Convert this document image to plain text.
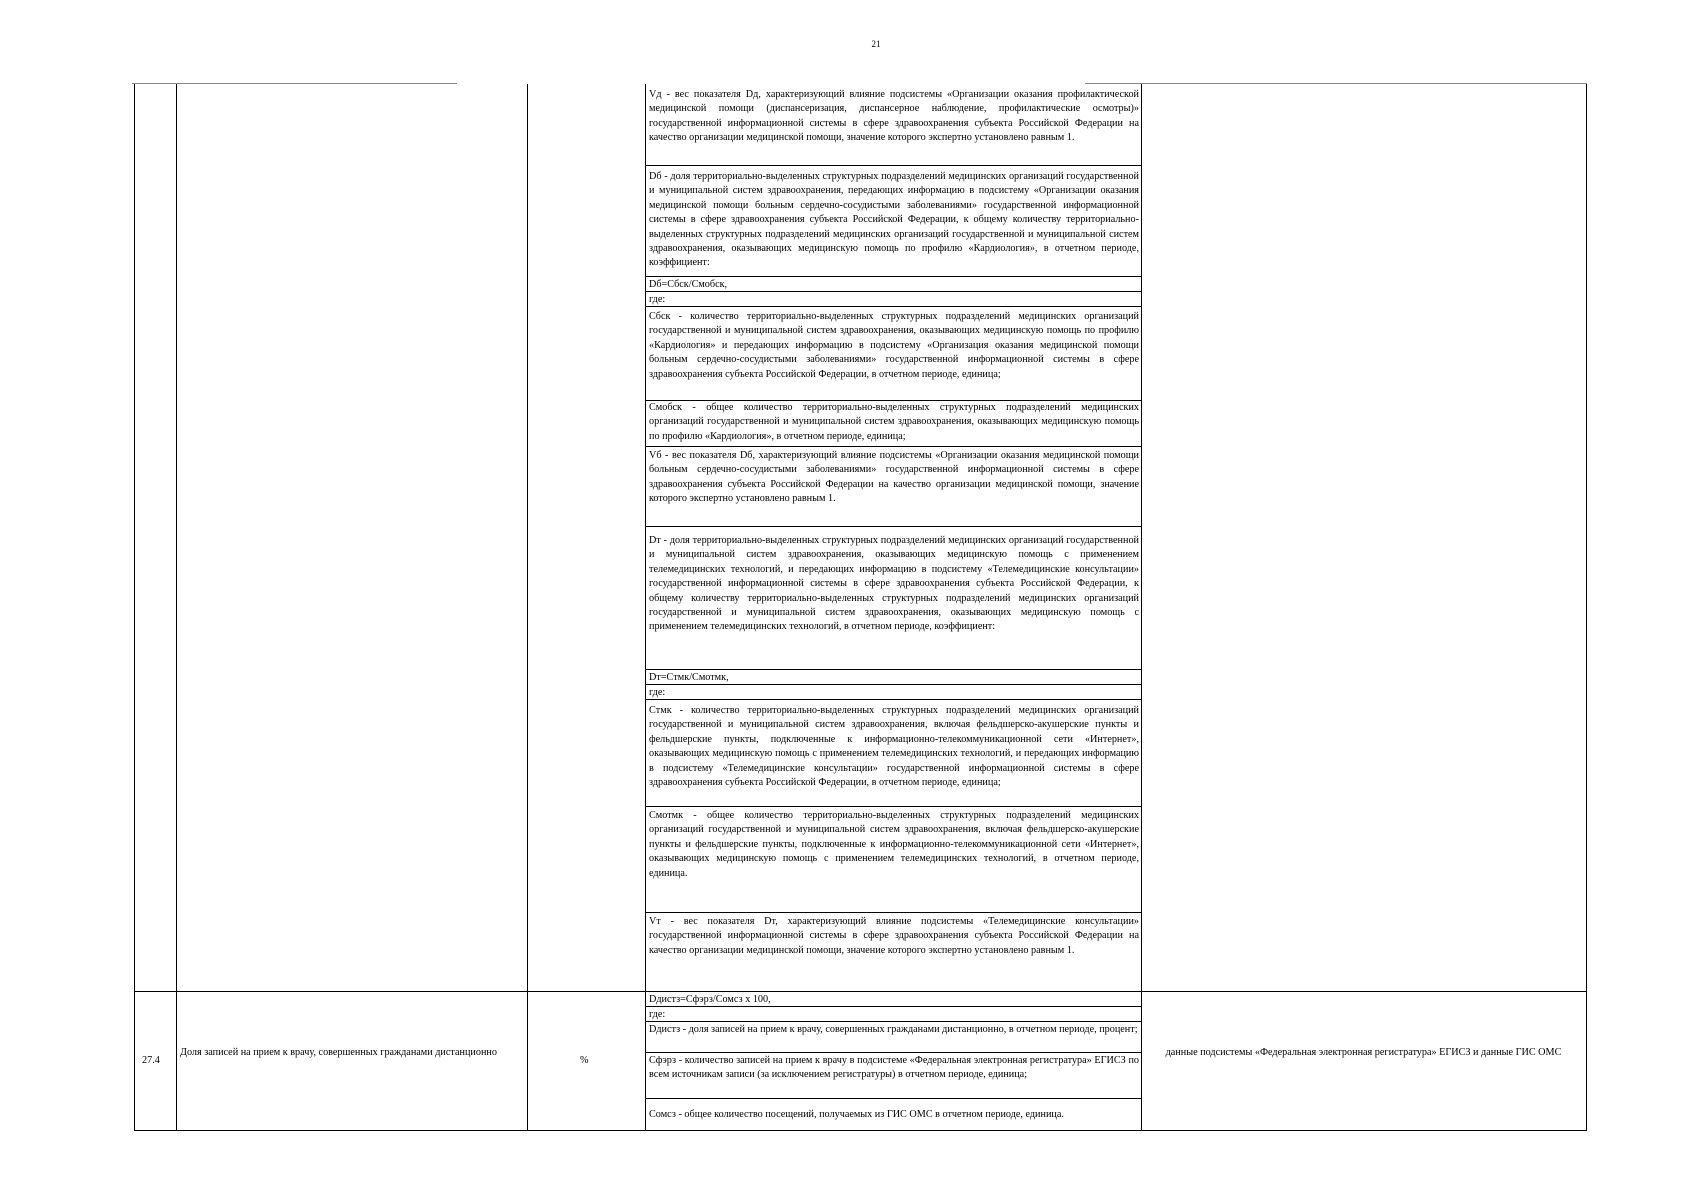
21

Vд - вес показателя Dд, характеризующий влияние подсистемы «Организации оказания профилактической медицинской помощи (диспансеризация, диспансерное наблюдение, профилактические осмотры)» государственной информационной системы в сфере здравоохранения субъекта Российской Федерации на качество организации медицинской помощи, значение которого экспертно установлено равным 1.

Dб - доля территориально-выделенных структурных подразделений медицинских организаций государственной и муниципальной систем здравоохранения, передающих информацию в подсистему «Организации оказания медицинской помощи больным сердечно-сосудистыми заболеваниями» государственной информационной системы в сфере здравоохранения субъекта Российской Федерации, к общему количеству территориально-выделенных структурных подразделений медицинских организаций государственной и муниципальной систем здравоохранения, оказывающих медицинскую помощь по профилю «Кардиология», в отчетном периоде, коэффициент:

Dб=Cбск/Cмобск,
где:

Cбск - количество территориально-выделенных структурных подразделений медицинских организаций государственной и муниципальной систем здравоохранения, оказывающих медицинскую помощь по профилю «Кардиология» и передающих информацию в подсистему «Организация оказания медицинской помощи больным сердечно-сосудистыми заболеваниями» государственной информационной системы в сфере здравоохранения субъекта Российской Федерации, в отчетном периоде, единица;

Cмобск - общее количество территориально-выделенных структурных подразделений медицинских организаций государственной и муниципальной систем здравоохранения, оказывающих медицинскую помощь по профилю «Кардиология», в отчетном периоде, единица;

Vб - вес показателя Dб, характеризующий влияние подсистемы «Организации оказания медицинской помощи больным сердечно-сосудистыми заболеваниями» государственной информационной системы в сфере здравоохранения субъекта Российской Федерации на качество организации медицинской помощи, значение которого экспертно установлено равным 1.

Dт - доля территориально-выделенных структурных подразделений медицинских организаций государственной и муниципальной систем здравоохранения, оказывающих медицинскую помощь с применением телемедицинских технологий, и передающих информацию в подсистему «Телемедицинские консультации» государственной информационной системы в сфере здравоохранения субъекта Российской Федерации, к общему количеству территориально-выделенных структурных подразделений медицинских организаций государственной и муниципальной систем здравоохранения, оказывающих медицинскую помощь с применением телемедицинских технологий, в отчетном периоде, коэффициент:

Dт=Cтмк/Cмотмк,
где:

Cтмк - количество территориально-выделенных структурных подразделений медицинских организаций государственной и муниципальной систем здравоохранения, включая фельдшерско-акушерские пункты и фельдшерские пункты, подключенные к информационно-телекоммуникационной сети «Интернет», оказывающих медицинскую помощь с применением телемедицинских технологий, и передающих информацию в подсистему «Телемедицинские консультации» государственной информационной системы в сфере здравоохранения субъекта Российской Федерации, в отчетном периоде, единица;

Cмотмк - общее количество территориально-выделенных структурных подразделений медицинских организаций государственной и муниципальной систем здравоохранения, включая фельдшерско-акушерские пункты и фельдшерские пункты, подключенные к информационно-телекоммуникационной сети «Интернет», оказывающих медицинскую помощь с применением телемедицинских технологий, в отчетном периоде, единица.

Vт - вес показателя Dт, характеризующий влияние подсистемы «Телемедицинские консультации» государственной информационной системы в сфере здравоохранения субъекта Российской Федерации на качество организации медицинской помощи, значение которого экспертно установлено равным 1.

27.4
Доля записей на прием к врачу, совершенных гражданами дистанционно
%
Dдистз=Cфэрз/Cомсз х 100,
где:

Dдистз - доля записей на прием к врачу, совершенных гражданами дистанционно, в отчетном периоде, процент;

Cфэрз - количество записей на прием к врачу в подсистеме «Федеральная электронная регистратура» ЕГИСЗ по всем источникам записи (за исключением регистратуры) в отчетном периоде, единица;

Cомсз - общее количество посещений, получаемых из ГИС ОМС в отчетном периоде, единица.

данные подсистемы «Федеральная электронная регистратура» ЕГИСЗ и данные ГИС ОМС
